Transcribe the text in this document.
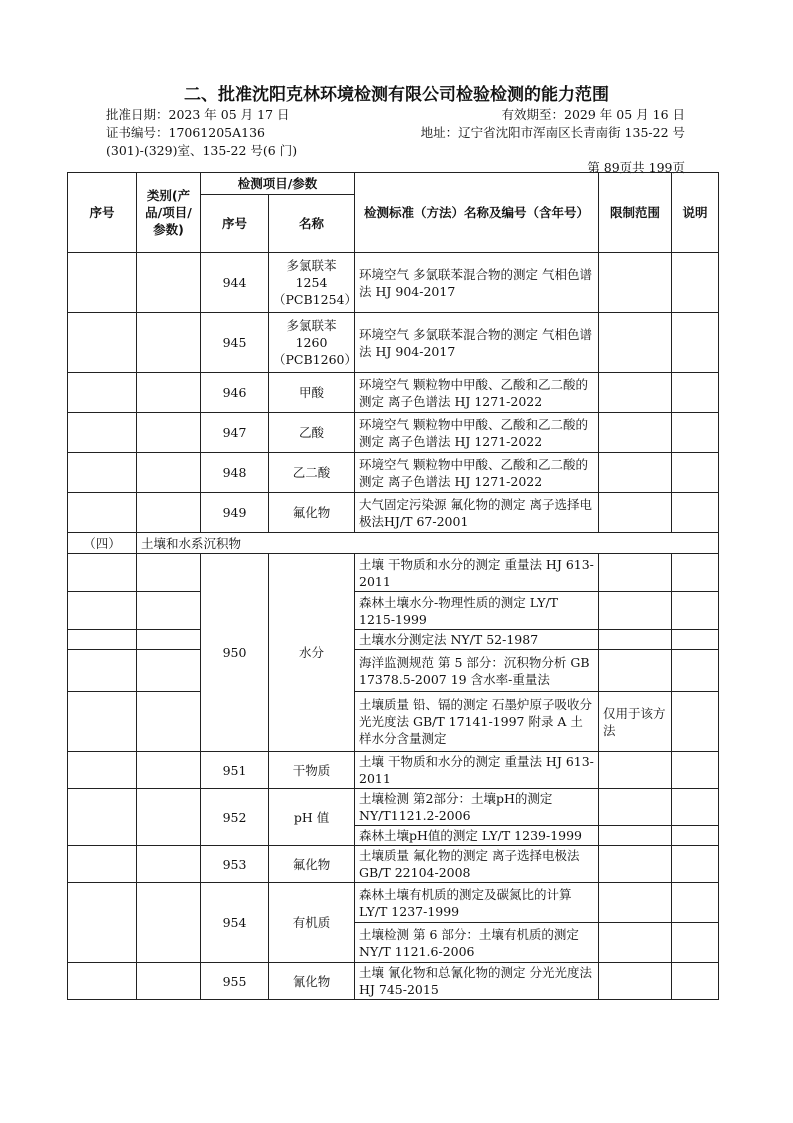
二、批准沈阳克林环境检测有限公司检验检测的能力范围
批准日期：2023 年 05 月 17 日	有效期至：2029 年 05 月 16 日
证书编号：17061205A136	地址：辽宁省沈阳市浑南区长青南街 135-22 号
(301)-(329)室、135-22 号(6 门)
第 89页共 199页
序号	类别(产品/项目/参数)	检测项目/参数		检测标准（方法）名称及编号（含年号）	限制范围	说明
		序号	名称			
		944	多氯联苯1254（PCB1254）	环境空气 多氯联苯混合物的测定 气相色谱法 HJ 904-2017		
		945	多氯联苯1260（PCB1260）	环境空气 多氯联苯混合物的测定 气相色谱法 HJ 904-2017		
		946	甲酸	环境空气 颗粒物中甲酸、乙酸和乙二酸的测定 离子色谱法 HJ 1271-2022		
		947	乙酸	环境空气 颗粒物中甲酸、乙酸和乙二酸的测定 离子色谱法 HJ 1271-2022		
		948	乙二酸	环境空气 颗粒物中甲酸、乙酸和乙二酸的测定 离子色谱法 HJ 1271-2022		
		949	氟化物	大气固定污染源 氟化物的测定 离子选择电极法HJ/T 67-2001		
（四）	土壤和水系沉积物					
		950	水分	土壤 干物质和水分的测定 重量法 HJ 613-2011		
				森林土壤水分-物理性质的测定 LY/T 1215-1999		
				土壤水分测定法 NY/T 52-1987		
				海洋监测规范 第 5 部分：沉积物分析 GB 17378.5-2007 19 含水率-重量法		
				土壤质量 铅、镉的测定 石墨炉原子吸收分光光度法 GB/T 17141-1997 附录 A 土样水分含量测定	仅用于该方法	
		951	干物质	土壤 干物质和水分的测定 重量法 HJ 613-2011		
		952	pH 值	土壤检测 第2部分：土壤pH的测定 NY/T1121.2-2006		
				森林土壤pH值的测定 LY/T 1239-1999		
		953	氟化物	土壤质量 氟化物的测定 离子选择电极法 GB/T 22104-2008		
		954	有机质	森林土壤有机质的测定及碳氮比的计算 LY/T 1237-1999		
				土壤检测 第 6 部分：土壤有机质的测定 NY/T 1121.6-2006		
		955	氰化物	土壤 氰化物和总氰化物的测定 分光光度法 HJ 745-2015		
